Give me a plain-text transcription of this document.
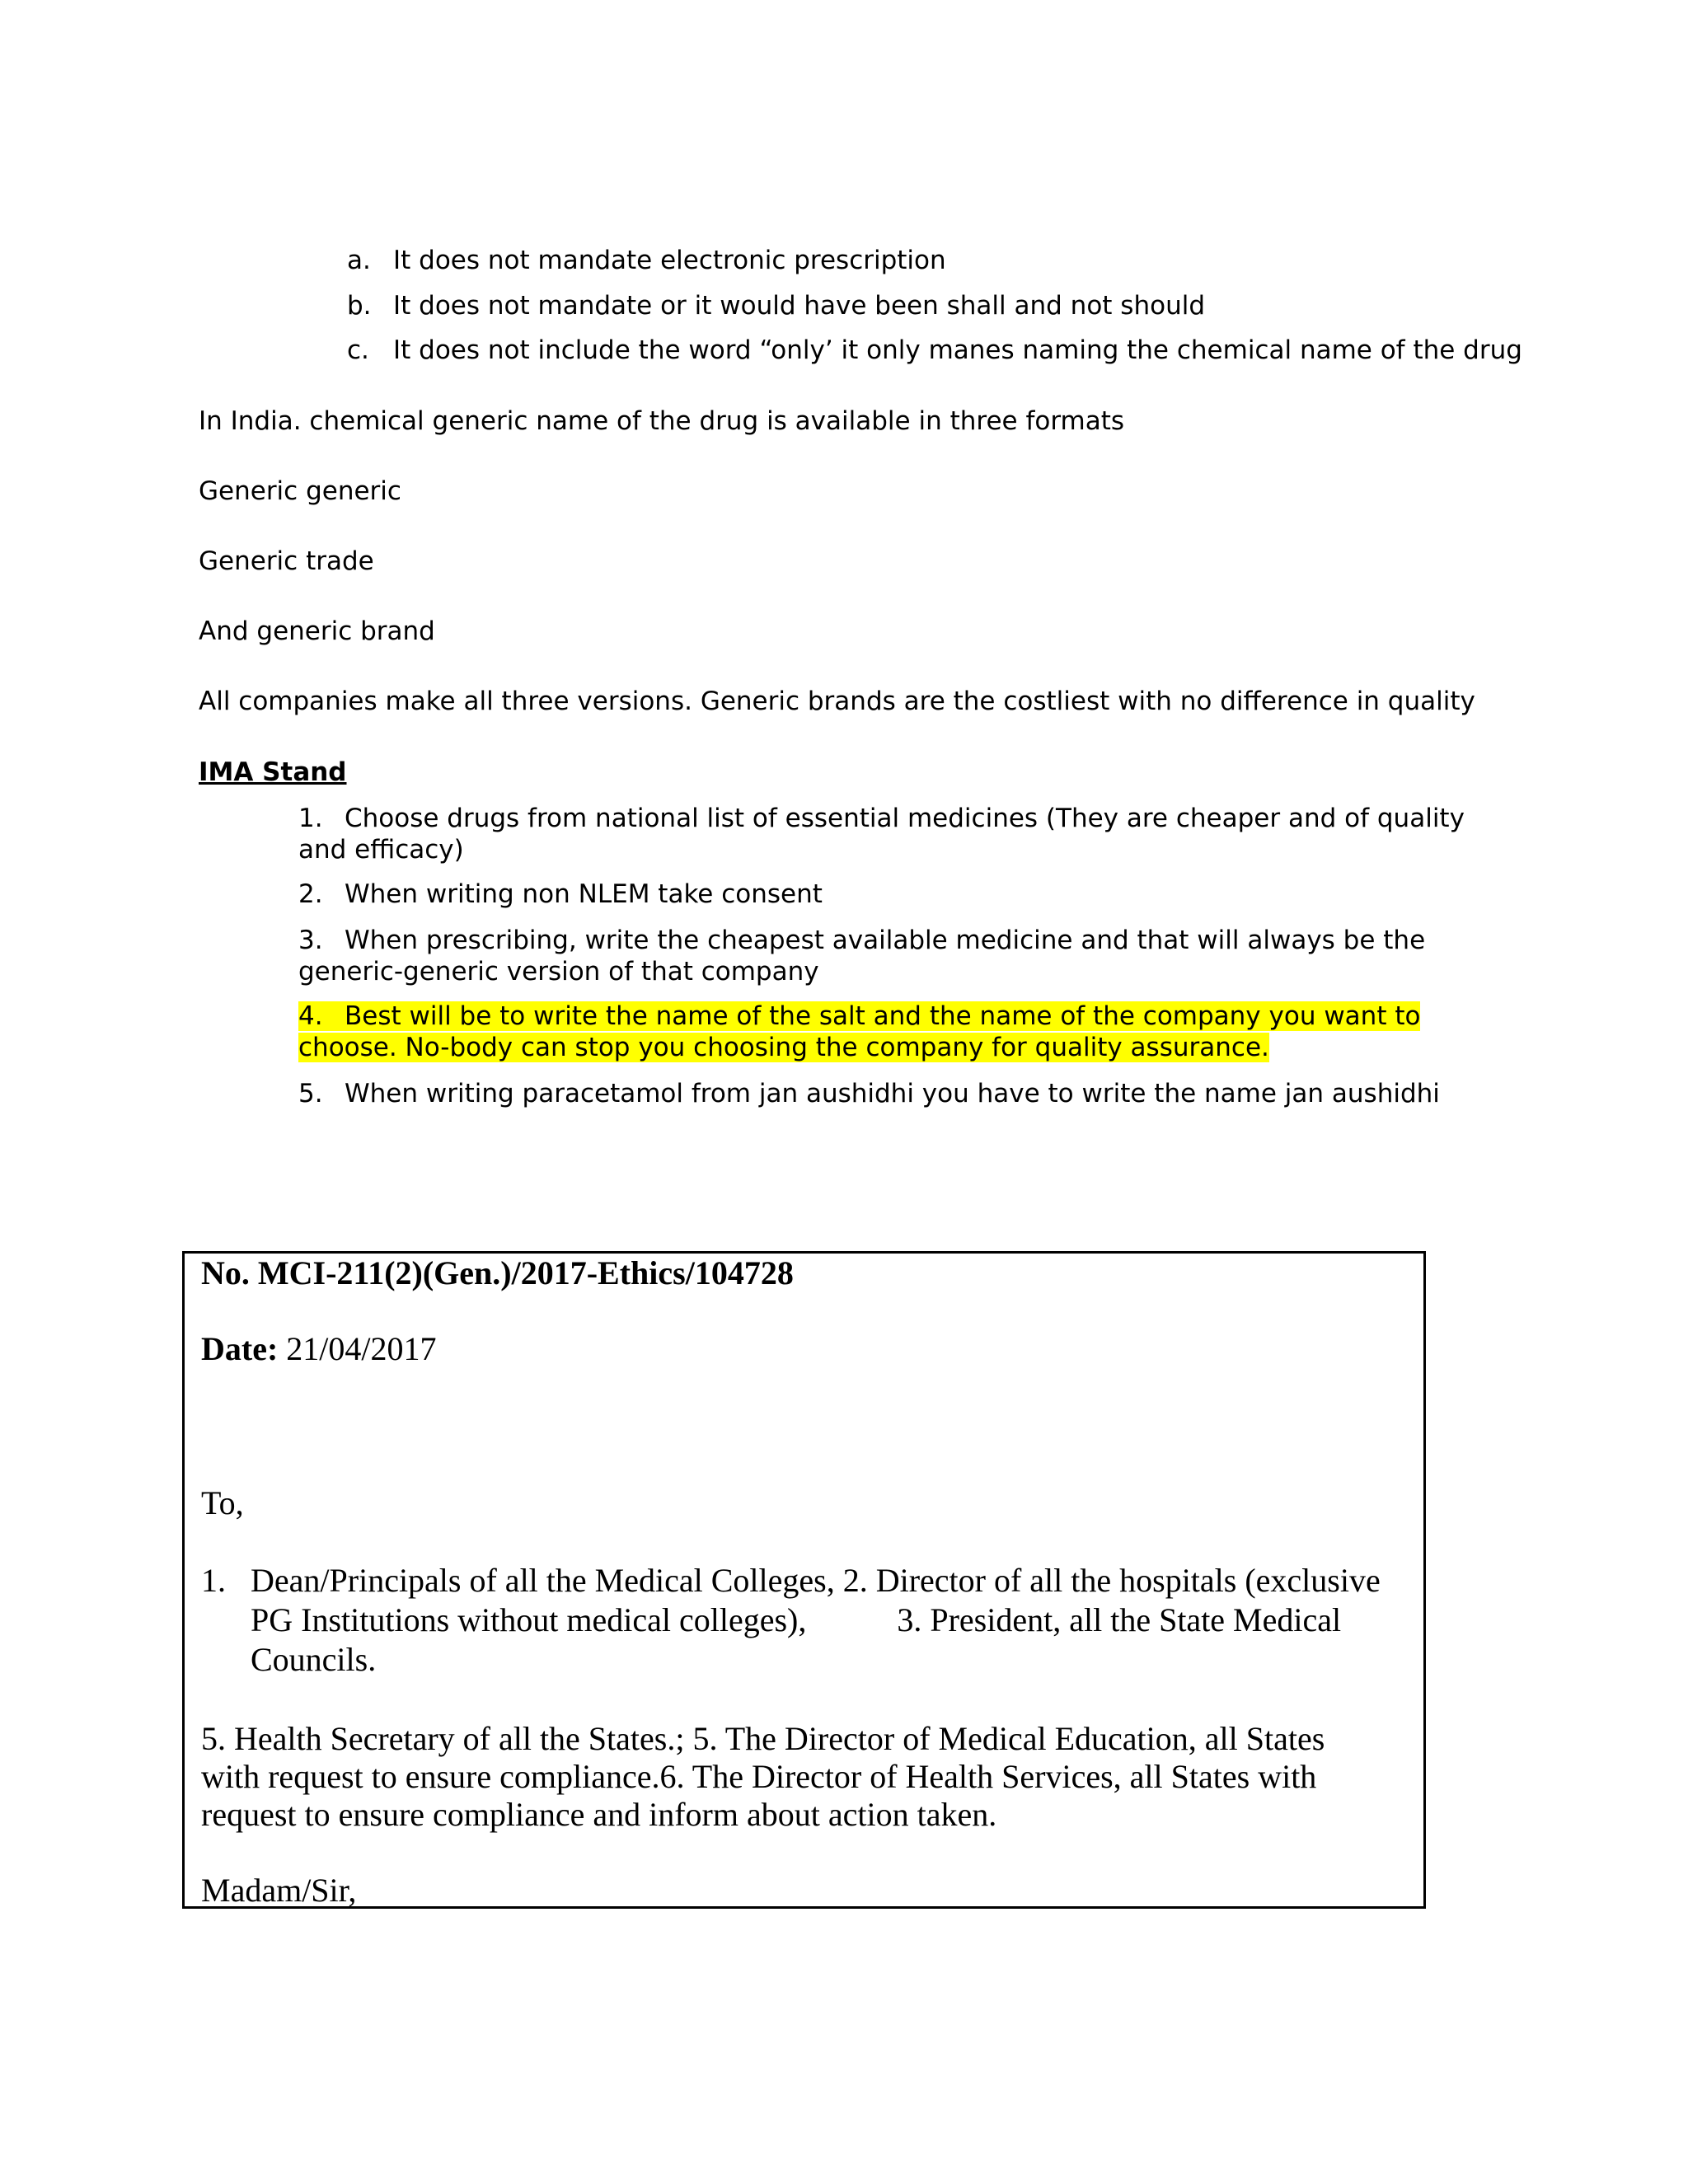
a. It does not mandate electronic prescription
b. It does not mandate or it would have been shall and not should
c. It does not include the word “only’ it only manes naming the chemical name of the drug
In India. chemical generic name of the drug is available in three formats
Generic generic
Generic trade
And generic brand
All companies make all three versions. Generic brands are the costliest with no difference in quality
IMA Stand
1. Choose drugs from national list of essential medicines (They are cheaper and of quality and efficacy)
2. When writing non NLEM take consent
3. When prescribing, write the cheapest available medicine and that will always be the generic-generic version of that company
4. Best will be to write the name of the salt and the name of the company you want to choose. No-body can stop you choosing the company for quality assurance.
5. When writing paracetamol from jan aushidhi you have to write the name jan aushidhi
No. MCI-211(2)(Gen.)/2017-Ethics/104728
Date: 21/04/2017
To,
1. Dean/Principals of all the Medical Colleges, 2. Director of all the hospitals (exclusive
PG Institutions without medical colleges),	3. President, all the State Medical
Councils.
5. Health Secretary of all the States.; 5. The Director of Medical Education, all States
with request to ensure compliance.6. The Director of Health Services, all States with
request to ensure compliance and inform about action taken.
Madam/Sir,
